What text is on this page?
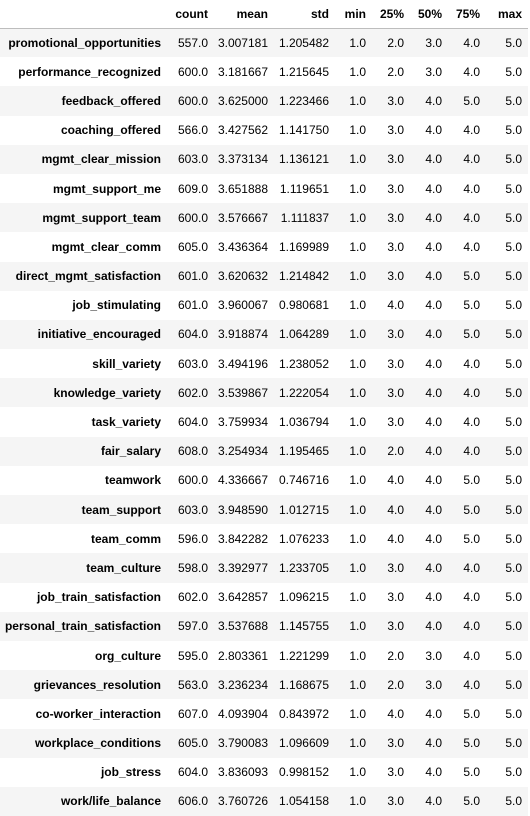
	count	mean	std	min	25%	50%	75%	max
promotional_opportunities	557.0	3.007181	1.205482	1.0	2.0	3.0	4.0	5.0
performance_recognized	600.0	3.181667	1.215645	1.0	2.0	3.0	4.0	5.0
feedback_offered	600.0	3.625000	1.223466	1.0	3.0	4.0	5.0	5.0
coaching_offered	566.0	3.427562	1.141750	1.0	3.0	4.0	4.0	5.0
mgmt_clear_mission	603.0	3.373134	1.136121	1.0	3.0	4.0	4.0	5.0
mgmt_support_me	609.0	3.651888	1.119651	1.0	3.0	4.0	4.0	5.0
mgmt_support_team	600.0	3.576667	1.111837	1.0	3.0	4.0	4.0	5.0
mgmt_clear_comm	605.0	3.436364	1.169989	1.0	3.0	4.0	4.0	5.0
direct_mgmt_satisfaction	601.0	3.620632	1.214842	1.0	3.0	4.0	5.0	5.0
job_stimulating	601.0	3.960067	0.980681	1.0	4.0	4.0	5.0	5.0
initiative_encouraged	604.0	3.918874	1.064289	1.0	3.0	4.0	5.0	5.0
skill_variety	603.0	3.494196	1.238052	1.0	3.0	4.0	4.0	5.0
knowledge_variety	602.0	3.539867	1.222054	1.0	3.0	4.0	4.0	5.0
task_variety	604.0	3.759934	1.036794	1.0	3.0	4.0	4.0	5.0
fair_salary	608.0	3.254934	1.195465	1.0	2.0	4.0	4.0	5.0
teamwork	600.0	4.336667	0.746716	1.0	4.0	4.0	5.0	5.0
team_support	603.0	3.948590	1.012715	1.0	4.0	4.0	5.0	5.0
team_comm	596.0	3.842282	1.076233	1.0	4.0	4.0	5.0	5.0
team_culture	598.0	3.392977	1.233705	1.0	3.0	4.0	4.0	5.0
job_train_satisfaction	602.0	3.642857	1.096215	1.0	3.0	4.0	4.0	5.0
personal_train_satisfaction	597.0	3.537688	1.145755	1.0	3.0	4.0	4.0	5.0
org_culture	595.0	2.803361	1.221299	1.0	2.0	3.0	4.0	5.0
grievances_resolution	563.0	3.236234	1.168675	1.0	2.0	3.0	4.0	5.0
co-worker_interaction	607.0	4.093904	0.843972	1.0	4.0	4.0	5.0	5.0
workplace_conditions	605.0	3.790083	1.096609	1.0	3.0	4.0	5.0	5.0
job_stress	604.0	3.836093	0.998152	1.0	3.0	4.0	5.0	5.0
work/life_balance	606.0	3.760726	1.054158	1.0	3.0	4.0	5.0	5.0
